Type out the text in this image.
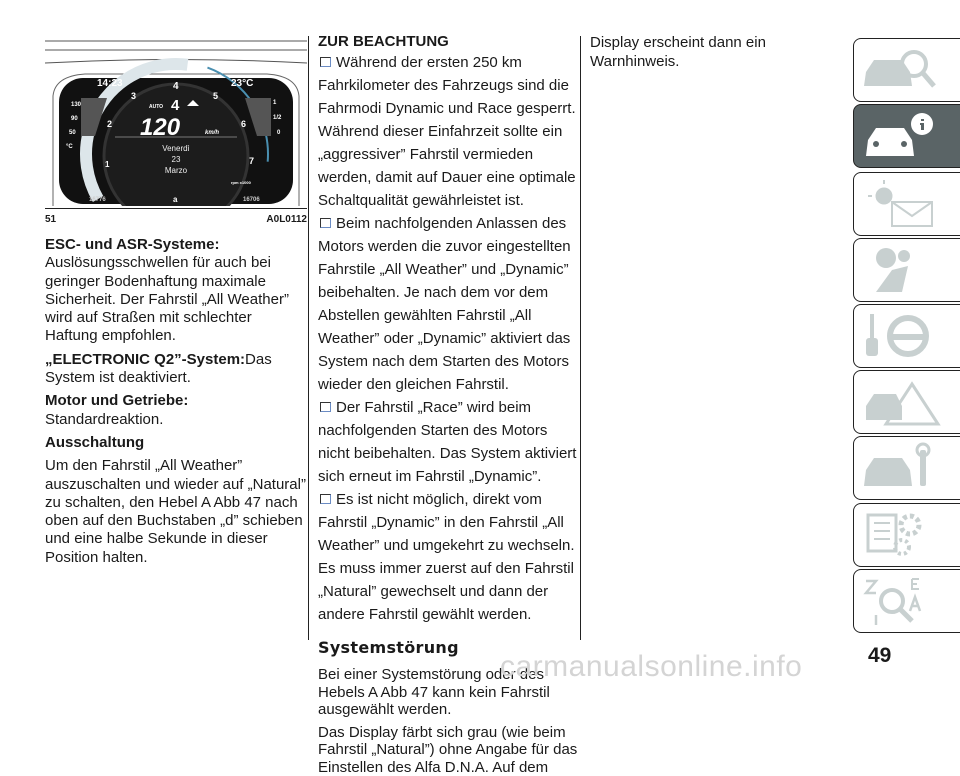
14:23	23°C
130
90
50
°C
1
1/2
0
1
2
3
4
5
6
7
AUTO 4
120	km/h
rpm x1000
16776	16706
a
Venerdì
23
Marzo
51	A0L0112

ESC- und ASR-Systeme:

Auslösungsschwellen für auch bei geringer Bodenhaftung maximale Sicherheit. Der Fahrstil „All Weather” wird auf Straßen mit schlechter Haftung empfohlen.

„ELECTRONIC Q2”-System:Das System ist deaktiviert.

Motor und Getriebe:

Standardreaktion.

Ausschaltung

Um den Fahrstil „All Weather” auszuschalten und wieder auf „Natural” zu schalten, den Hebel A Abb 47 nach oben auf den Buchstaben „d” schieben und eine halbe Sekunde in dieser Position halten.

ZUR BEACHTUNG

Während der ersten 250 km Fahrkilometer des Fahrzeugs sind die Fahrmodi Dynamic und Race gesperrt. Während dieser Einfahrzeit sollte ein „aggressiver” Fahrstil vermieden werden, damit auf Dauer eine optimale Schaltqualität gewährleistet ist.

Beim nachfolgenden Anlassen des Motors werden die zuvor eingestellten Fahrstile „All Weather” und „Dynamic” beibehalten. Je nach dem vor dem Abstellen gewählten Fahrstil „All Weather” oder „Dynamic” aktiviert das System nach dem Starten des Motors wieder den gleichen Fahrstil.

Der Fahrstil „Race” wird beim nachfolgenden Starten des Motors nicht beibehalten. Das System aktiviert sich erneut im Fahrstil „Dynamic”.

Es ist nicht möglich, direkt vom Fahrstil „Dynamic” in den Fahrstil „All Weather” und umgekehrt zu wechseln. Es muss immer zuerst auf den Fahrstil „Natural” gewechselt und dann der andere Fahrstil gewählt werden.

Systemstörung

Bei einer Systemstörung oder des Hebels A Abb 47 kann kein Fahrstil ausgewählt werden.

Das Display färbt sich grau (wie beim Fahrstil „Natural”) ohne Angabe für das Einstellen des Alfa D.N.A. Auf dem

Display erscheint dann ein Warnhinweis.

49
carmanualsonline.info
